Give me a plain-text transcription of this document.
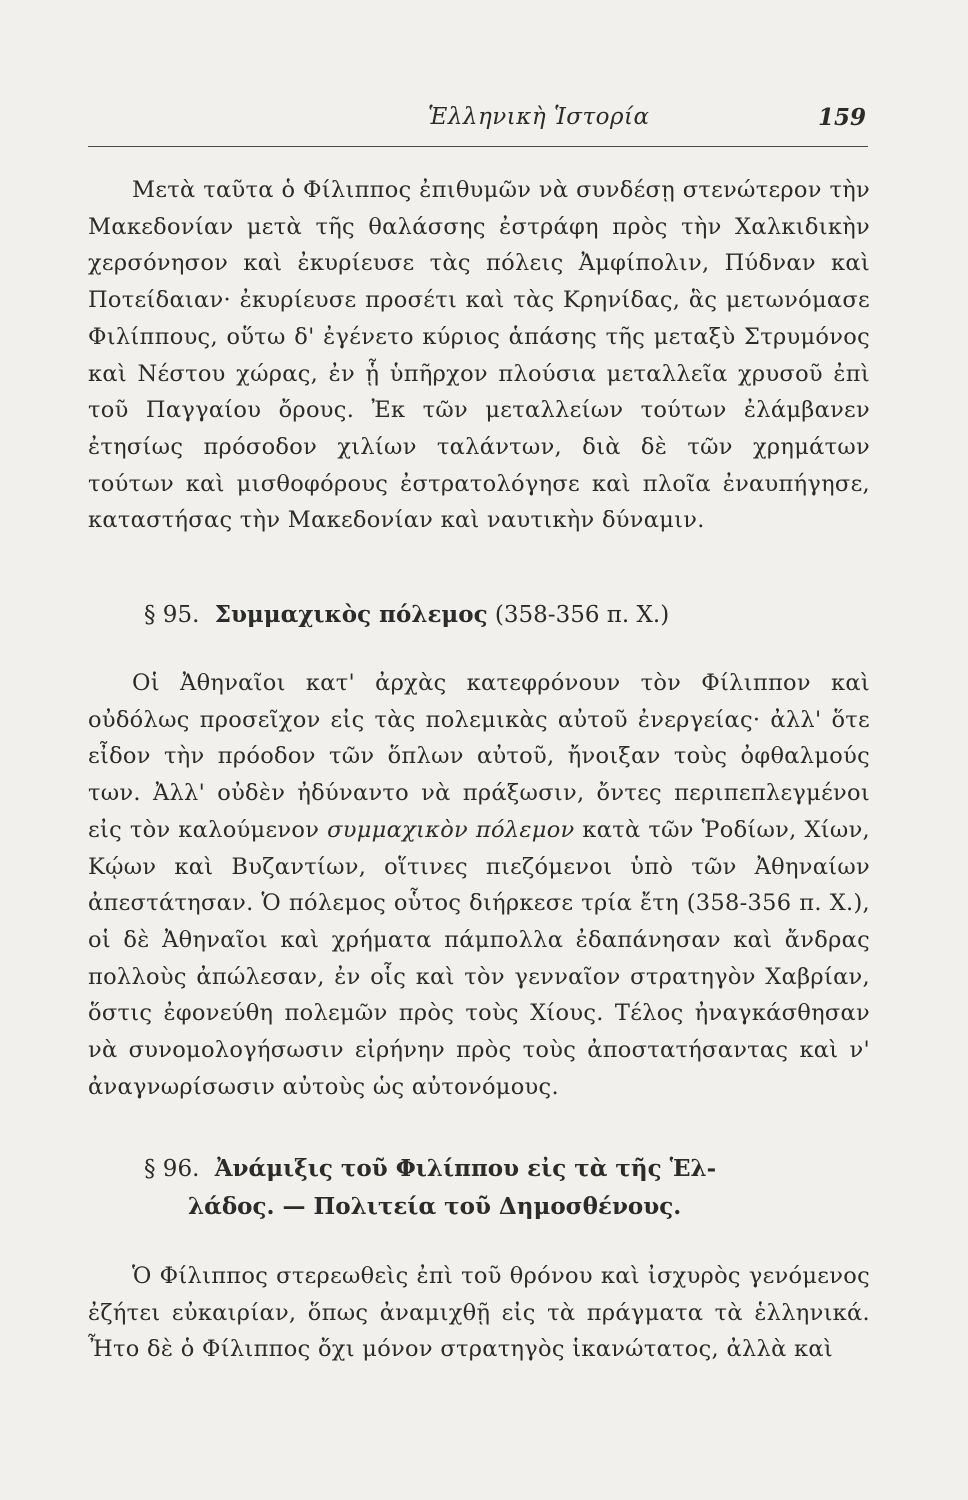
Ἑλληνικὴ Ἱστορία	159

Μετὰ ταῦτα ὁ Φίλιππος ἐπιθυμῶν νὰ συνδέσῃ στενώτερον τὴν Μακεδονίαν μετὰ τῆς θαλάσσης ἐστράφη πρὸς τὴν Χαλκιδικὴν χερσόνησον καὶ ἐκυρίευσε τὰς πόλεις Ἀμφίπολιν, Πύδναν καὶ Ποτείδαιαν· ἐκυρίευσε προσέτι καὶ τὰς Κρηνίδας, ἃς μετωνόμασε Φιλίππους, οὕτω δ' ἐγένετο κύριος ἁπάσης τῆς μεταξὺ Στρυμόνος καὶ Νέστου χώρας, ἐν ᾗ ὑπῆρχον πλούσια μεταλλεῖα χρυσοῦ ἐπὶ τοῦ Παγγαίου ὄρους. Ἐκ τῶν μεταλλείων τούτων ἐλάμβανεν ἐτησίως πρόσοδον χιλίων ταλάντων, διὰ δὲ τῶν χρημάτων τούτων καὶ μισθοφόρους ἐστρατολόγησε καὶ πλοῖα ἐναυπήγησε, καταστήσας τὴν Μακεδονίαν καὶ ναυτικὴν δύναμιν.

§ 95. Συμμαχικὸς πόλεμος (358-356 π. Χ.)

Οἱ Ἀθηναῖοι κατ' ἀρχὰς κατεφρόνουν τὸν Φίλιππον καὶ οὐδόλως προσεῖχον εἰς τὰς πολεμικὰς αὐτοῦ ἐνεργείας· ἀλλ' ὅτε εἶδον τὴν πρόοδον τῶν ὅπλων αὐτοῦ, ἤνοιξαν τοὺς ὀφθαλμούς των. Ἀλλ' οὐδὲν ἠδύναντο νὰ πράξωσιν, ὄντες περιπεπλεγμένοι εἰς τὸν καλούμενον συμμαχικὸν πόλεμον κατὰ τῶν Ῥοδίων, Χίων, Κῴων καὶ Βυζαντίων, οἵτινες πιεζόμενοι ὑπὸ τῶν Ἀθηναίων ἀπεστάτησαν. Ὁ πόλεμος οὗτος διήρκεσε τρία ἔτη (358-356 π. Χ.), οἱ δὲ Ἀθηναῖοι καὶ χρήματα πάμπολλα ἐδαπάνησαν καὶ ἄνδρας πολλοὺς ἀπώλεσαν, ἐν οἷς καὶ τὸν γενναῖον στρατηγὸν Χαβρίαν, ὅστις ἐφονεύθη πολεμῶν πρὸς τοὺς Χίους. Τέλος ἠναγκάσθησαν νὰ συνομολογήσωσιν εἰρήνην πρὸς τοὺς ἀποστατήσαντας καὶ ν' ἀναγνωρίσωσιν αὐτοὺς ὡς αὐτονόμους.

§ 96. Ἀνάμιξις τοῦ Φιλίππου εἰς τὰ τῆς Ἑλ-
λάδος. — Πολιτεία τοῦ Δημοσθένους.

Ὁ Φίλιππος στερεωθεὶς ἐπὶ τοῦ θρόνου καὶ ἰσχυρὸς γενόμενος ἐζήτει εὐκαιρίαν, ὅπως ἀναμιχθῇ εἰς τὰ πράγματα τὰ ἑλληνικά. Ἦτο δὲ ὁ Φίλιππος ὄχι μόνον στρατηγὸς ἱκανώτατος, ἀλλὰ καὶ
